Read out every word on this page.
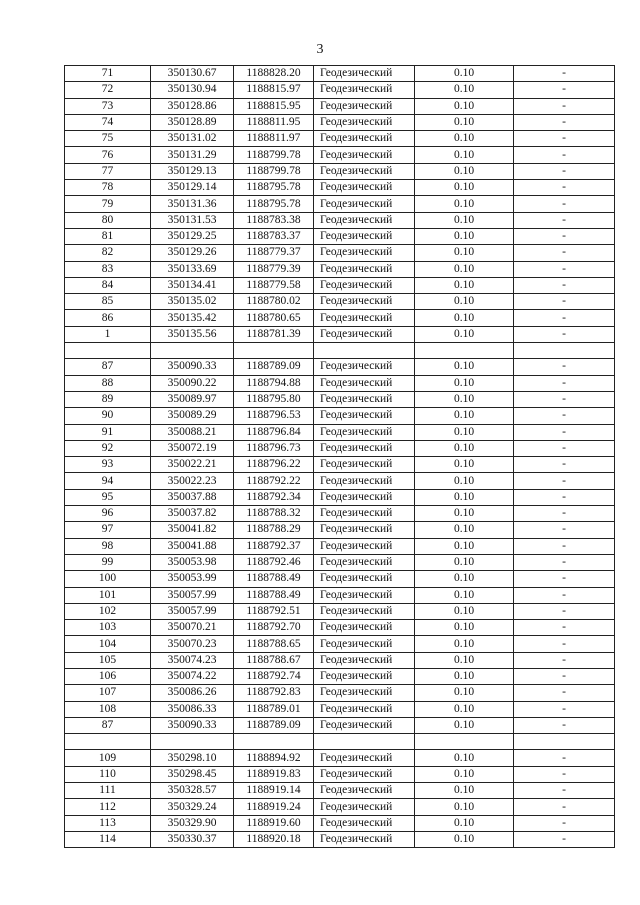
3
71	350130.67	1188828.20	Геодезический	0.10	-
72	350130.94	1188815.97	Геодезический	0.10	-
73	350128.86	1188815.95	Геодезический	0.10	-
74	350128.89	1188811.95	Геодезический	0.10	-
75	350131.02	1188811.97	Геодезический	0.10	-
76	350131.29	1188799.78	Геодезический	0.10	-
77	350129.13	1188799.78	Геодезический	0.10	-
78	350129.14	1188795.78	Геодезический	0.10	-
79	350131.36	1188795.78	Геодезический	0.10	-
80	350131.53	1188783.38	Геодезический	0.10	-
81	350129.25	1188783.37	Геодезический	0.10	-
82	350129.26	1188779.37	Геодезический	0.10	-
83	350133.69	1188779.39	Геодезический	0.10	-
84	350134.41	1188779.58	Геодезический	0.10	-
85	350135.02	1188780.02	Геодезический	0.10	-
86	350135.42	1188780.65	Геодезический	0.10	-
1	350135.56	1188781.39	Геодезический	0.10	-

87	350090.33	1188789.09	Геодезический	0.10	-
88	350090.22	1188794.88	Геодезический	0.10	-
89	350089.97	1188795.80	Геодезический	0.10	-
90	350089.29	1188796.53	Геодезический	0.10	-
91	350088.21	1188796.84	Геодезический	0.10	-
92	350072.19	1188796.73	Геодезический	0.10	-
93	350022.21	1188796.22	Геодезический	0.10	-
94	350022.23	1188792.22	Геодезический	0.10	-
95	350037.88	1188792.34	Геодезический	0.10	-
96	350037.82	1188788.32	Геодезический	0.10	-
97	350041.82	1188788.29	Геодезический	0.10	-
98	350041.88	1188792.37	Геодезический	0.10	-
99	350053.98	1188792.46	Геодезический	0.10	-
100	350053.99	1188788.49	Геодезический	0.10	-
101	350057.99	1188788.49	Геодезический	0.10	-
102	350057.99	1188792.51	Геодезический	0.10	-
103	350070.21	1188792.70	Геодезический	0.10	-
104	350070.23	1188788.65	Геодезический	0.10	-
105	350074.23	1188788.67	Геодезический	0.10	-
106	350074.22	1188792.74	Геодезический	0.10	-
107	350086.26	1188792.83	Геодезический	0.10	-
108	350086.33	1188789.01	Геодезический	0.10	-
87	350090.33	1188789.09	Геодезический	0.10	-

109	350298.10	1188894.92	Геодезический	0.10	-
110	350298.45	1188919.83	Геодезический	0.10	-
111	350328.57	1188919.14	Геодезический	0.10	-
112	350329.24	1188919.24	Геодезический	0.10	-
113	350329.90	1188919.60	Геодезический	0.10	-
114	350330.37	1188920.18	Геодезический	0.10	-
